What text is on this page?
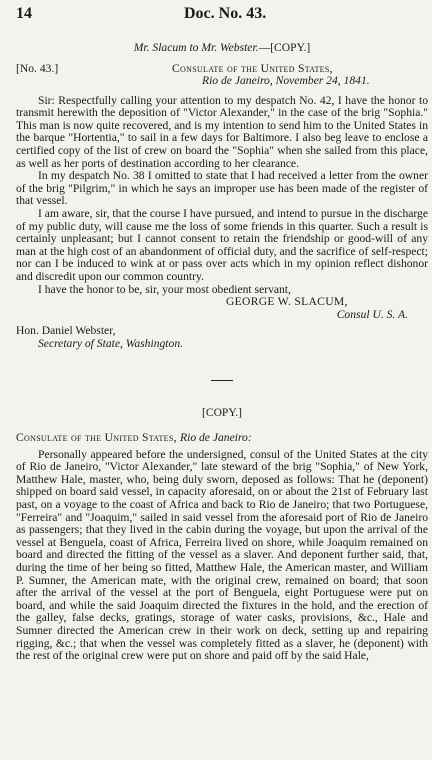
14	Doc. No. 43.
Mr. Slacum to Mr. Webster.—[COPY.]
[No. 43.]	Consulate of the United States,
Rio de Janeiro, November 24, 1841.

Sir: Respectfully calling your attention to my despatch No. 42, I have the honor to transmit herewith the deposition of "Victor Alexander," in the case of the brig "Sophia." This man is now quite recovered, and is my intention to send him to the United States in the barque "Hortentia," to sail in a few days for Baltimore. I also beg leave to enclose a certified copy of the list of crew on board the "Sophia" when she sailed from this place, as well as her ports of destination according to her clearance.

In my despatch No. 38 I omitted to state that I had received a letter from the owner of the brig "Pilgrim," in which he says an improper use has been made of the register of that vessel.

I am aware, sir, that the course I have pursued, and intend to pursue in the discharge of my public duty, will cause me the loss of some friends in this quarter. Such a result is certainly unpleasant; but I cannot consent to retain the friendship or good-will of any man at the high cost of an abandonment of official duty, and the sacrifice of self-respect; nor can I be induced to wink at or pass over acts which in my opinion reflect dishonor and discredit upon our common country.

I have the honor to be, sir, your most obedient servant,

GEORGE W. SLACUM,
Consul U. S. A.
Hon. Daniel Webster,
Secretary of State, Washington.
[COPY.]
Consulate of the United States, Rio de Janeiro:

Personally appeared before the undersigned, consul of the United States at the city of Rio de Janeiro, "Victor Alexander," late steward of the brig "Sophia," of New York, Matthew Hale, master, who, being duly sworn, deposed as follows: That he (deponent) shipped on board said vessel, in capacity aforesaid, on or about the 21st of February last past, on a voyage to the coast of Africa and back to Rio de Janeiro; that two Portuguese, "Ferreira" and "Joaquim," sailed in said vessel from the aforesaid port of Rio de Janeiro as passengers; that they lived in the cabin during the voyage, but upon the arrival of the vessel at Benguela, coast of Africa, Ferreira lived on shore, while Joaquim remained on board and directed the fitting of the vessel as a slaver. And deponent further said, that, during the time of her being so fitted, Matthew Hale, the American master, and William P. Sumner, the American mate, with the original crew, remained on board; that soon after the arrival of the vessel at the port of Benguela, eight Portuguese were put on board, and while the said Joaquim directed the fixtures in the hold, and the erection of the galley, false decks, gratings, storage of water casks, provisions, &c., Hale and Sumner directed the American crew in their work on deck, setting up and repairing rigging, &c.; that when the vessel was completely fitted as a slaver, he (deponent) with the rest of the original crew were put on shore and paid off by the said Hale,
